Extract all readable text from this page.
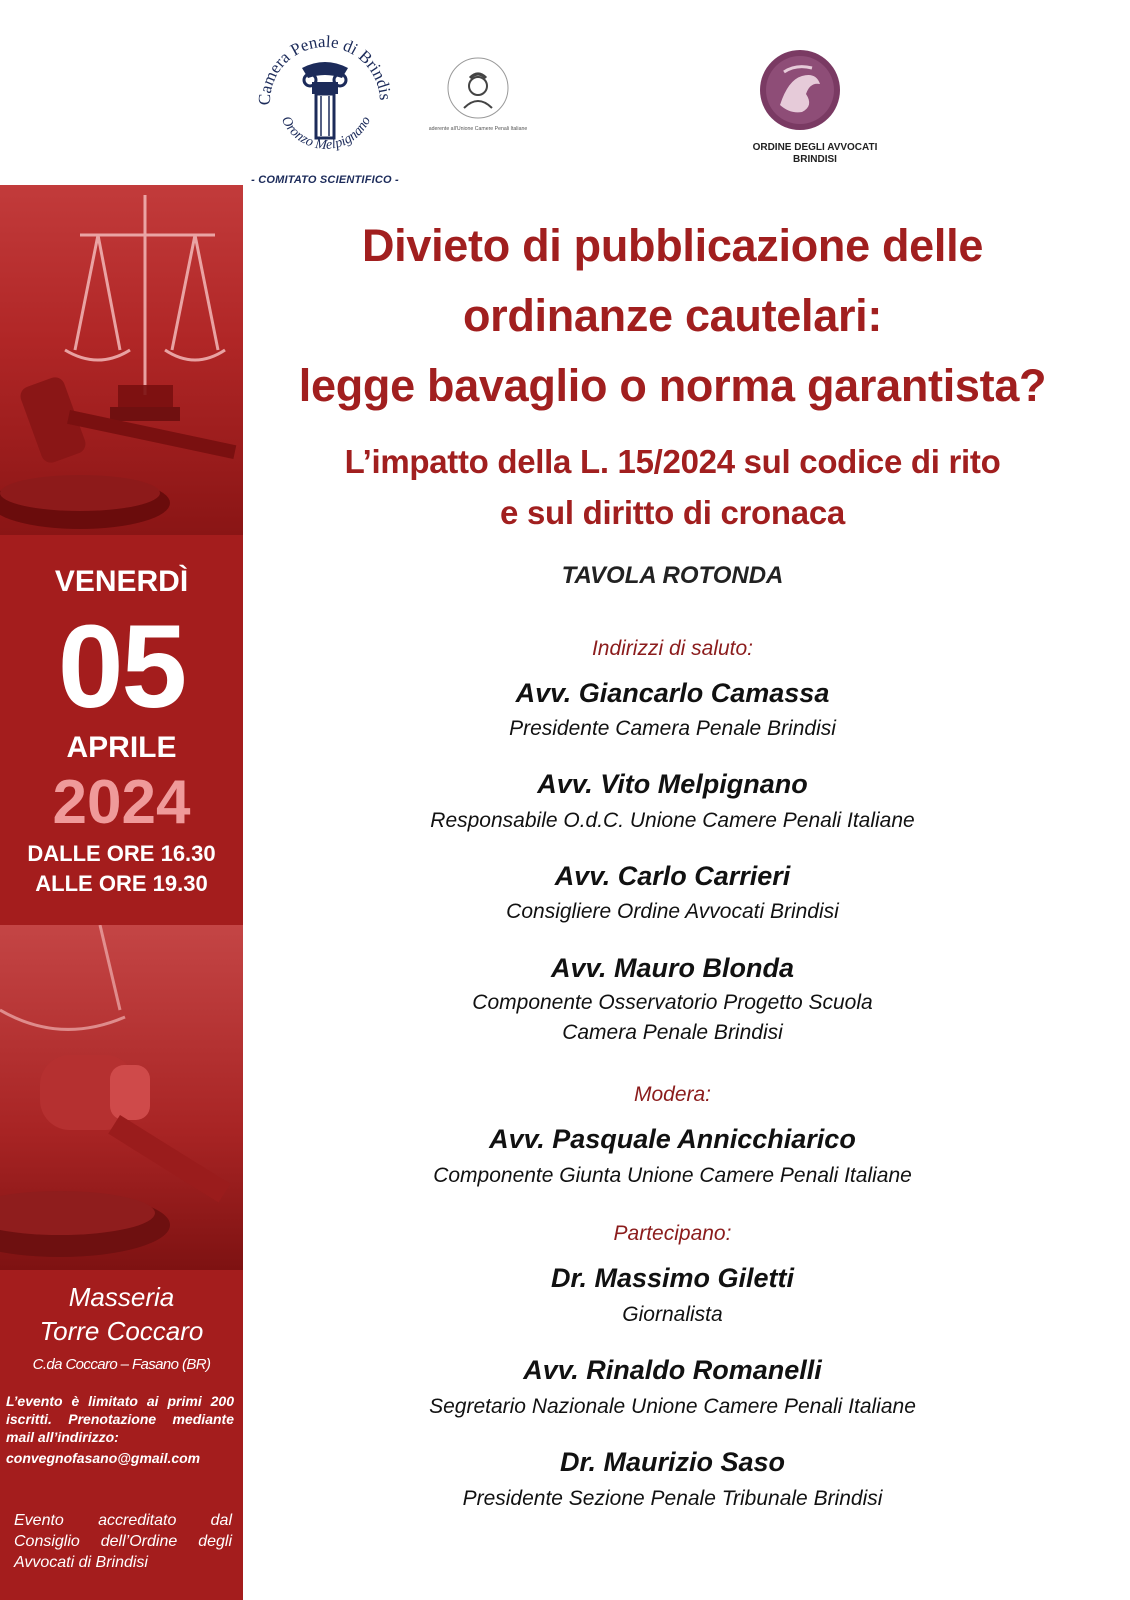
Camera Penale di Brindis
Oronzo Melpignano
- COMITATO SCIENTIFICO -
aderente all'Unione Camere Penali Italiane
ORDINE DEGLI AVVOCATI
BRINDISI
VENERDÌ
05
APRILE
2024
DALLE ORE 16.30
ALLE ORE 19.30
Masseria
Torre Coccaro
C.da Coccaro – Fasano (BR)
L’evento è limitato ai primi 200 iscritti. Prenotazione mediante mail all’indirizzo:
convegnofasano@gmail.com
Evento accreditato dal Consiglio dell’Ordine degli Avvocati di Brindisi
Divieto di pubblicazione delle
ordinanze cautelari:
legge bavaglio o norma garantista?
L’impatto della L. 15/2024 sul codice di rito
e sul diritto di cronaca
TAVOLA ROTONDA
Indirizzi di saluto:
Avv. Giancarlo Camassa
Presidente Camera Penale Brindisi
Avv. Vito Melpignano
Responsabile O.d.C. Unione Camere Penali Italiane
Avv. Carlo Carrieri
Consigliere Ordine Avvocati Brindisi
Avv. Mauro Blonda
Componente Osservatorio Progetto Scuola
Camera Penale Brindisi
Modera:
Avv. Pasquale Annicchiarico
Componente Giunta Unione Camere Penali Italiane
Partecipano:
Dr. Massimo Giletti
Giornalista
Avv. Rinaldo Romanelli
Segretario Nazionale Unione Camere Penali Italiane
Dr. Maurizio Saso
Presidente Sezione Penale Tribunale Brindisi
